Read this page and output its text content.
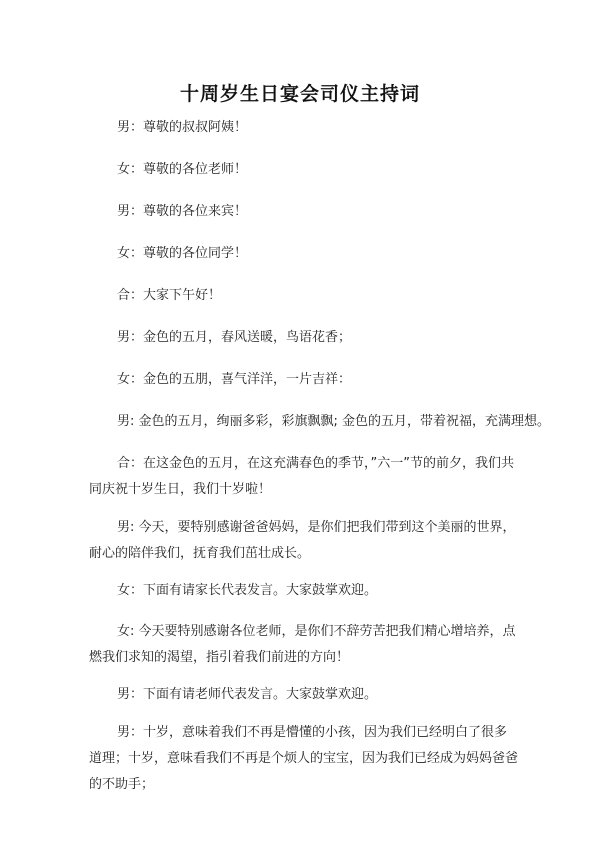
十周岁生日宴会司仪主持词

男：尊敬的叔叔阿姨！

女：尊敬的各位老师！

男：尊敬的各位来宾！

女：尊敬的各位同学！

合：大家下午好！

男：金色的五月，春风送暖，鸟语花香；

女：金色的五朋，喜气洋洋，一片吉祥：

男: 金色的五月，绚丽多彩，彩旗飘飘; 金色的五月，带着祝福，充满理想。

合：在这金色的五月，在这充满春色的季节，”六一”节的前夕，我们共同庆祝十岁生日，我们十岁啦！

男: 今天，要特别感谢爸爸妈妈，是你们把我们带到这个美丽的世界，耐心的陪伴我们，抚育我们茁壮成长。

女：下面有请家长代表发言。大家鼓掌欢迎。

女: 今天要特别感谢各位老师，是你们不辞劳苦把我们精心增培养，点燃我们求知的渴望，指引着我们前进的方向！

男：下面有请老师代表发言。大家鼓掌欢迎。

男：十岁，意味着我们不再是懵懂的小孩，因为我们已经明白了很多道理；十岁，意味看我们不再是个烦人的宝宝，因为我们已经成为妈妈爸爸的不助手；
